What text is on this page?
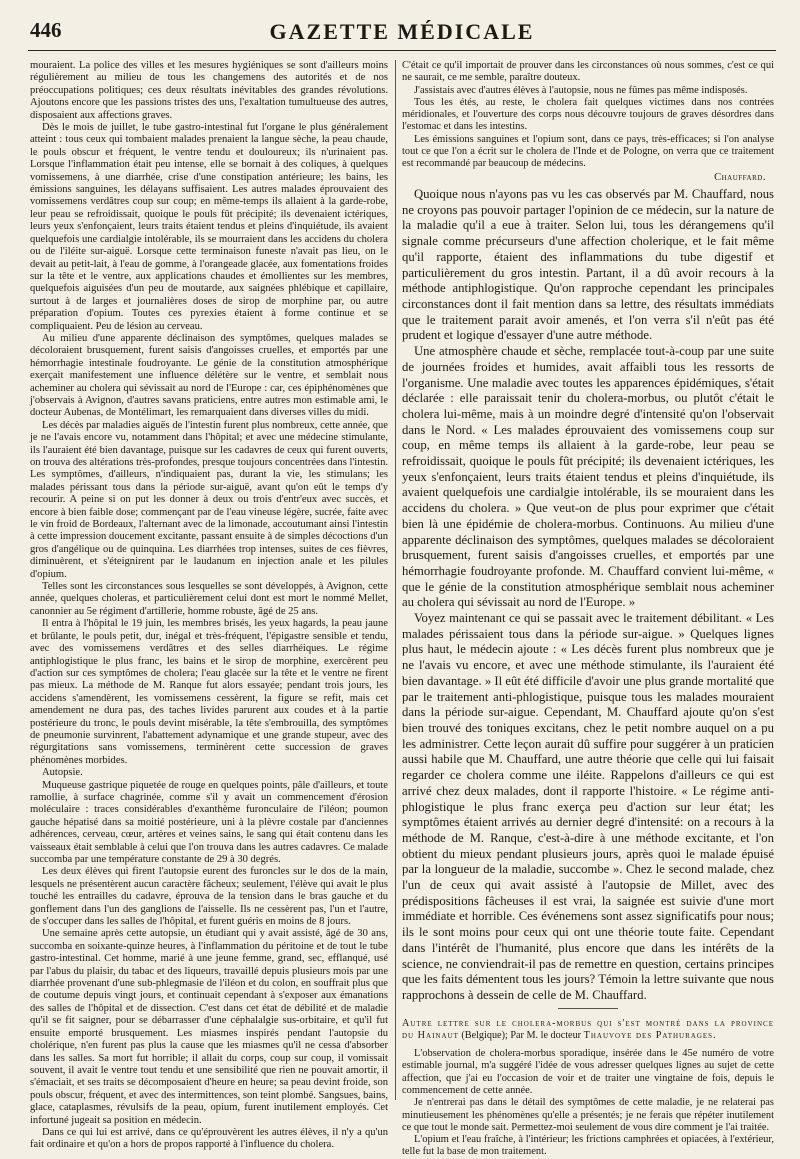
446	GAZETTE MÉDICALE

mouraient. La police des villes et les mesures hygiéniques se sont d'ailleurs moins régulièrement au milieu de tous les changemens des autorités et de nos préoccupations politiques; ces deux résultats inévitables des grandes révolutions. Ajoutons encore que les passions tristes des uns, l'exaltation tumultueuse des autres, disposaient aux affections graves.

Dès le mois de juillet, le tube gastro-intestinal fut l'organe le plus généralement atteint : tous ceux qui tombaient malades prenaient la langue sèche, la peau chaude, le pouls obscur et fréquent, le ventre tendu et douloureux; ils n'urinaient pas. Lorsque l'inflammation était peu intense, elle se bornait à des coliques, à quelques vomissemens, à une diarrhée, crise d'une constipation antérieure; les bains, les émissions sanguines, les délayans suffisaient. Les autres malades éprouvaient des vomissemens verdâtres coup sur coup; en même-temps ils allaient à la garde-robe, leur peau se refroidissait, quoique le pouls fût précipité; ils devenaient ictériques, leurs yeux s'enfonçaient, leurs traits étaient tendus et pleins d'inquiétude, ils avaient quelquefois une cardialgie intolérable, ils se mourraient dans les accidens du cholera ou de l'iléite sur-aiguë. Lorsque cette terminaison funeste n'avait pas lieu, on le devait au petit-lait, à l'eau de gomme, à l'orangeade glacée, aux fomentations froides sur la tête et le ventre, aux applications chaudes et émollientes sur les membres, quelquefois aiguisées d'un peu de moutarde, aux saignées phlébique et capillaire, surtout à de larges et journalières doses de sirop de morphine par, ou autre préparation d'opium. Toutes ces pyrexies étaient à forme continue et se compliquaient. Peu de lésion au cerveau.

Au milieu d'une apparente déclinaison des symptômes, quelques malades se décoloraient brusquement, furent saisis d'angoisses cruelles, et emportés par une hémorrhagie intestinale foudroyante. Le génie de la constitution atmosphérique exerçait manifestement une influence délétère sur le ventre, et semblait nous acheminer au cholera qui sévissait au nord de l'Europe : car, ces épiphénomènes que j'observais à Avignon, d'autres savans praticiens, entre autres mon estimable ami, le docteur Aubenas, de Montélimart, les remarquaient dans diverses villes du midi.

Les décès par maladies aiguës de l'intestin furent plus nombreux, cette année, que je ne l'avais encore vu, notamment dans l'hôpital; et avec une médecine stimulante, ils l'auraient été bien davantage, puisque sur les cadavres de ceux qui furent ouverts, on trouva des altérations très-profondes, presque toujours concentrées dans l'intestin. Les symptômes, d'ailleurs, n'indiquaient pas, durant la vie, les stimulans; les malades périssant tous dans la période sur-aiguë, avant qu'on eût le temps d'y recourir. A peine si on put les donner à deux ou trois d'entr'eux avec succès, et encore à bien faible dose; commençant par de l'eau vineuse légère, sucrée, faite avec le vin froid de Bordeaux, l'alternant avec de la limonade, accoutumant ainsi l'intestin à cette impression doucement excitante, passant ensuite à de simples décoctions d'un gros d'angélique ou de quinquina. Les diarrhées trop intenses, suites de ces fièvres, diminuèrent, et s'éteignirent par le laudanum en injection anale et les pilules d'opium.

Telles sont les circonstances sous lesquelles se sont développés, à Avignon, cette année, quelques choleras, et particulièrement celui dont est mort le nommé Mellet, canonnier au 5e régiment d'artillerie, homme robuste, âgé de 25 ans.

Il entra à l'hôpital le 19 juin, les membres brisés, les yeux hagards, la peau jaune et brûlante, le pouls petit, dur, inégal et très-fréquent, l'épigastre sensible et tendu, avec des vomissemens verdâtres et des selles diarrhéiques. Le régime antiphlogistique le plus franc, les bains et le sirop de morphine, exercèrent peu d'action sur ces symptômes de cholera; l'eau glacée sur la tête et le ventre ne firent pas mieux. La méthode de M. Ranque fut alors essayée; pendant trois jours, les accidens s'amendèrent, les vomissemens cessèrent, la figure se refit, mais cet amendement ne dura pas, des taches livides parurent aux coudes et à la partie postérieure du tronc, le pouls devint misérable, la tête s'embrouilla, des symptômes de pneumonie survinrent, l'abattement adynamique et une grande stupeur, avec des régurgitations sans vomissemens, terminèrent cette succession de graves phénomènes morbides.

Autopsie.

Muqueuse gastrique piquetée de rouge en quelques points, pâle d'ailleurs, et toute ramollie, à surface chagrinée, comme s'il y avait un commencement d'érosion moléculaire : traces considérables d'exanthème furonculaire de l'iléon; poumon gauche hépatisé dans sa moitié postérieure, uni à la plèvre costale par d'anciennes adhérences, cerveau, cœur, artères et veines sains, le sang qui était contenu dans les vaisseaux était semblable à celui que l'on trouva dans les autres cadavres. Ce malade succomba par une température constante de 29 à 30 degrés.

Les deux élèves qui firent l'autopsie eurent des furoncles sur le dos de la main, lesquels ne présentèrent aucun caractère fâcheux; seulement, l'élève qui avait le plus touché les entrailles du cadavre, éprouva de la tension dans le bras gauche et du gonflement dans l'un des ganglions de l'aisselle. Ils ne cessèrent pas, l'un et l'autre, de s'occuper dans les salles de l'hôpital, et furent guéris en moins de 8 jours.

Une semaine après cette autopsie, un étudiant qui y avait assisté, âgé de 30 ans, succomba en soixante-quinze heures, à l'inflammation du péritoine et de tout le tube gastro-intestinal. Cet homme, marié à une jeune femme, grand, sec, efflanqué, usé par l'abus du plaisir, du tabac et des liqueurs, travaillé depuis plusieurs mois par une diarrhée provenant d'une sub-phlegmasie de l'iléon et du colon, en souffrait plus que de coutume depuis vingt jours, et continuait cependant à s'exposer aux émanations des salles de l'hôpital et de dissection. C'est dans cet état de débilité et de maladie qu'il se fit saigner, pour se débarrasser d'une céphalalgie sus-orbitaire, et qu'il fut ensuite emporté brusquement. Les miasmes inspirés pendant l'autopsie du cholérique, n'en furent pas plus la cause que les miasmes qu'il ne cessa d'absorber dans les salles. Sa mort fut horrible; il allait du corps, coup sur coup, il vomissait souvent, il avait le ventre tout tendu et une sensibilité que rien ne pouvait amortir, il s'émaciait, et ses traits se décomposaient d'heure en heure; sa peau devint froide, son pouls obscur, fréquent, et avec des intermittences, son teint plombé. Sangsues, bains, glace, cataplasmes, révulsifs de la peau, opium, furent inutilement employés. Cet infortuné jugeait sa position en médecin.

Dans ce qui lui est arrivé, dans ce qu'éprouvèrent les autres élèves, il n'y a qu'un fait ordinaire et qu'on a hors de propos rapporté à l'influence du cholera.

C'était ce qu'il importait de prouver dans les circonstances où nous sommes, c'est ce qui ne saurait, ce me semble, paraître douteux.

J'assistais avec d'autres élèves à l'autopsie, nous ne fûmes pas même indisposés.

Tous les étés, au reste, le cholera fait quelques victimes dans nos contrées méridionales, et l'ouverture des corps nous découvre toujours de graves désordres dans l'estomac et dans les intestins.

Les émissions sanguines et l'opium sont, dans ce pays, très-efficaces; si l'on analyse tout ce que l'on a écrit sur le cholera de l'Inde et de Pologne, on verra que ce traitement est recommandé par beaucoup de médecins.

Chauffard.

Quoique nous n'ayons pas vu les cas observés par M. Chauffard, nous ne croyons pas pouvoir partager l'opinion de ce médecin, sur la nature de la maladie qu'il a eue à traiter. Selon lui, tous les dérangemens qu'il signale comme précurseurs d'une affection cholerique, et le fait même qu'il rapporte, étaient des inflammations du tube digestif et particulièrement du gros intestin. Partant, il a dû avoir recours à la méthode antiphlogistique. Qu'on rapproche cependant les principales circonstances dont il fait mention dans sa lettre, des résultats immédiats que le traitement parait avoir amenés, et l'on verra s'il n'eût pas été prudent et logique d'essayer d'une autre méthode.

Une atmosphère chaude et sèche, remplacée tout-à-coup par une suite de journées froides et humides, avait affaibli tous les ressorts de l'organisme. Une maladie avec toutes les apparences épidémiques, s'était déclarée : elle paraissait tenir du cholera-morbus, ou plutôt c'était le cholera lui-même, mais à un moindre degré d'intensité qu'on l'observait dans le Nord. « Les malades éprouvaient des vomissemens coup sur coup, en même temps ils allaient à la garde-robe, leur peau se refroidissait, quoique le pouls fût précipité; ils devenaient ictériques, les yeux s'enfonçaient, leurs traits étaient tendus et pleins d'inquiétude, ils avaient quelquefois une cardialgie intolérable, ils se mouraient dans les accidens du cholera. » Que veut-on de plus pour exprimer que c'était bien là une épidémie de cholera-morbus. Continuons. Au milieu d'une apparente déclinaison des symptômes, quelques malades se décoloraient brusquement, furent saisis d'angoisses cruelles, et emportés par une hémorrhagie foudroyante profonde. M. Chauffard convient lui-même, « que le génie de la constitution atmosphérique semblait nous acheminer au cholera qui sévissait au nord de l'Europe. »

Voyez maintenant ce qui se passait avec le traitement débilitant. « Les malades périssaient tous dans la période sur-aigue. » Quelques lignes plus haut, le médecin ajoute : « Les décès furent plus nombreux que je ne l'avais vu encore, et avec une méthode stimulante, ils l'auraient été bien davantage. » Il eût été difficile d'avoir une plus grande mortalité que par le traitement anti-phlogistique, puisque tous les malades mouraient dans la période sur-aigue. Cependant, M. Chauffard ajoute qu'on s'est bien trouvé des toniques excitans, chez le petit nombre auquel on a pu les administrer. Cette leçon aurait dû suffire pour suggérer à un praticien aussi habile que M. Chauffard, une autre théorie que celle qui lui faisait regarder ce cholera comme une iléite. Rappelons d'ailleurs ce qui est arrivé chez deux malades, dont il rapporte l'histoire. « Le régime anti-phlogistique le plus franc exerça peu d'action sur leur état; les symptômes étaient arrivés au dernier degré d'intensité: on a recours à la méthode de M. Ranque, c'est-à-dire à une méthode excitante, et l'on obtient du mieux pendant plusieurs jours, après quoi le malade épuisé par la longueur de la maladie, succombe ». Chez le second malade, chez l'un de ceux qui avait assisté à l'autopsie de Millet, avec des prédispositions fâcheuses il est vrai, la saignée est suivie d'une mort immédiate et horrible. Ces événemens sont assez significatifs pour nous; ils le sont moins pour ceux qui ont une théorie toute faite. Cependant dans l'intérêt de l'humanité, plus encore que dans les intérêts de la science, ne conviendrait-il pas de remettre en question, certains principes que les faits démentent tous les jours? Témoin la lettre suivante que nous rapprochons à dessein de celle de M. Chauffard.

Autre lettre sur le cholera-morbus qui s'est montré dans la province du Hainaut (Belgique); Par M. le docteur Thauvoye des Pathurages.

L'observation de cholera-morbus sporadique, insérée dans le 45e numéro de votre estimable journal, m'a suggéré l'idée de vous adresser quelques lignes au sujet de cette affection, que j'ai eu l'occasion de voir et de traiter une vingtaine de fois, depuis le commencement de cette année.

Je n'entrerai pas dans le détail des symptômes de cette maladie, je ne relaterai pas minutieusement les phénomènes qu'elle a présentés; je ne ferais que répéter inutilement ce que tout le monde sait. Permettez-moi seulement de vous dire comment je l'ai traitée.

L'opium et l'eau fraîche, à l'intérieur; les frictions camphrées et opiacées, à l'extérieur, telle fut la base de mon traitement.
